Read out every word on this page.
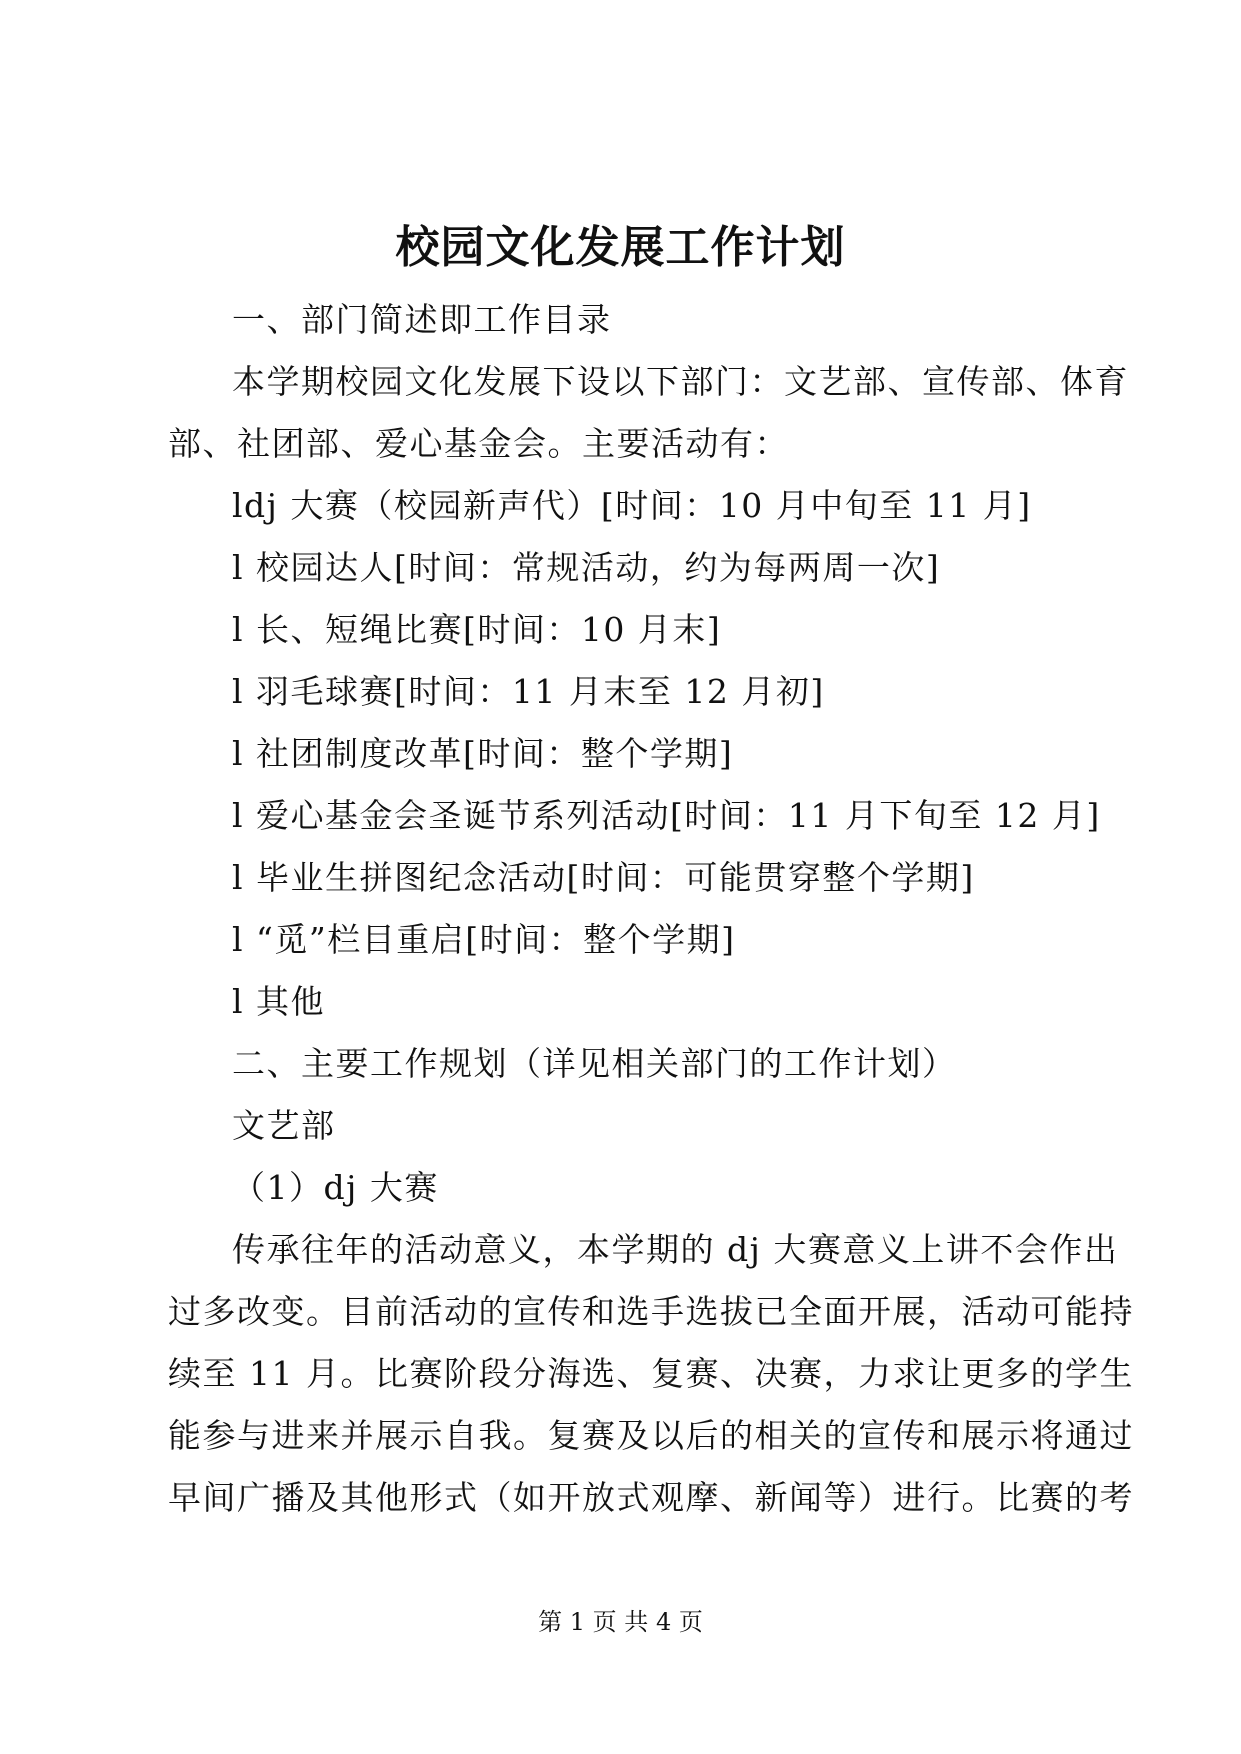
校园文化发展工作计划
一、部门简述即工作目录
本学期校园文化发展下设以下部门：文艺部、宣传部、体育
部、社团部、爱心基金会。主要活动有：
ldj 大赛（校园新声代）[时间：10 月中旬至 11 月]
l 校园达人[时间：常规活动，约为每两周一次]
l 长、短绳比赛[时间：10 月末]
l 羽毛球赛[时间：11 月末至 12 月初]
l 社团制度改革[时间：整个学期]
l 爱心基金会圣诞节系列活动[时间：11 月下旬至 12 月]
l 毕业生拼图纪念活动[时间：可能贯穿整个学期]
l “觅”栏目重启[时间：整个学期]
l 其他
二、主要工作规划（详见相关部门的工作计划）
文艺部
（1）dj 大赛
传承往年的活动意义，本学期的 dj 大赛意义上讲不会作出
过多改变。目前活动的宣传和选手选拔已全面开展，活动可能持
续至 11 月。比赛阶段分海选、复赛、决赛，力求让更多的学生
能参与进来并展示自我。复赛及以后的相关的宣传和展示将通过
早间广播及其他形式（如开放式观摩、新闻等）进行。比赛的考
第 1 页 共 4 页
